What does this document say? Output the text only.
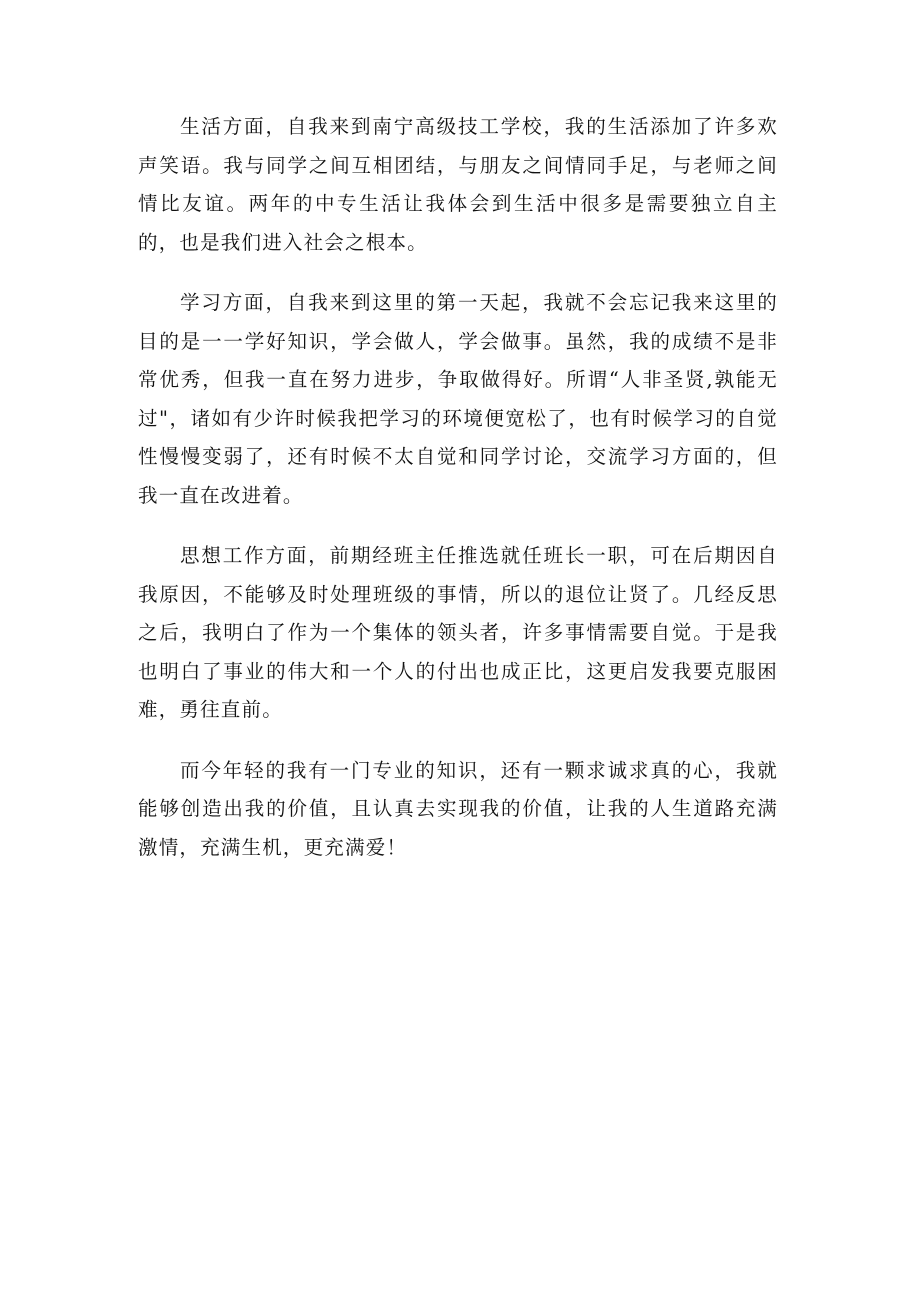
生活方面，自我来到南宁高级技工学校，我的生活添加了许多欢声笑语。我与同学之间互相团结，与朋友之间情同手足，与老师之间情比友谊。两年的中专生活让我体会到生活中很多是需要独立自主的，也是我们进入社会之根本。

学习方面，自我来到这里的第一天起，我就不会忘记我来这里的目的是一一学好知识，学会做人，学会做事。虽然，我的成绩不是非常优秀，但我一直在努力进步，争取做得好。所谓“人非圣贤,孰能无过"，诸如有少许时候我把学习的环境便宽松了，也有时候学习的自觉性慢慢变弱了，还有时候不太自觉和同学讨论，交流学习方面的，但我一直在改进着。

思想工作方面，前期经班主任推选就任班长一职，可在后期因自我原因，不能够及时处理班级的事情，所以的退位让贤了。几经反思之后，我明白了作为一个集体的领头者，许多事情需要自觉。于是我也明白了事业的伟大和一个人的付出也成正比，这更启发我要克服困难，勇往直前。

而今年轻的我有一门专业的知识，还有一颗求诚求真的心，我就能够创造出我的价值，且认真去实现我的价值，让我的人生道路充满激情，充满生机，更充满爱！
